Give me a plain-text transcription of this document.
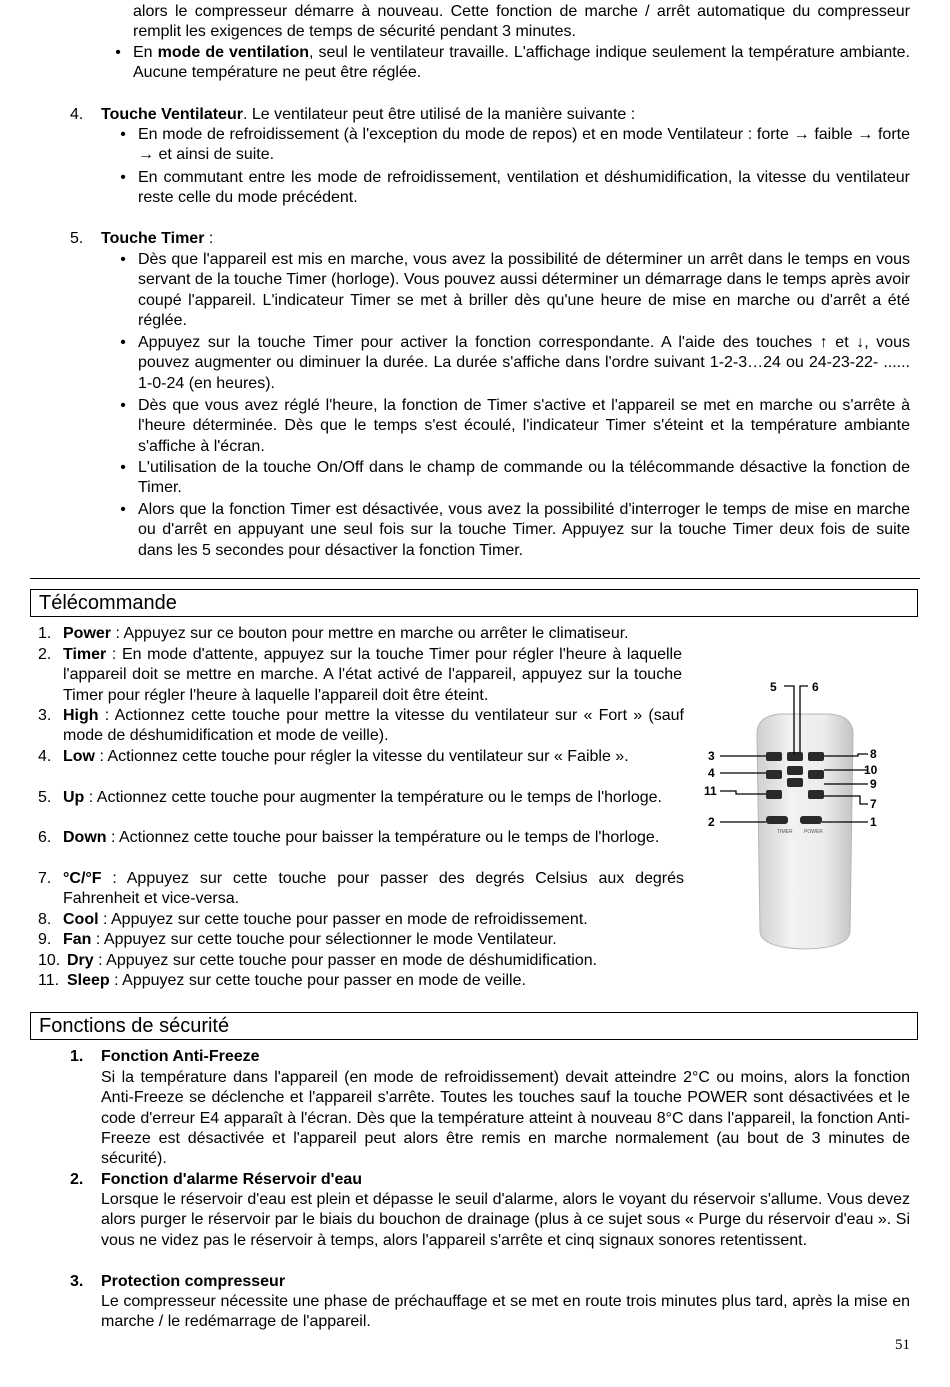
alors le compresseur démarre à nouveau. Cette fonction de marche / arrêt automatique du compresseur remplit les exigences de temps de sécurité pendant 3 minutes.
• En mode de ventilation, seul le ventilateur travaille. L'affichage indique seulement la température ambiante. Aucune température ne peut être réglée.
4. Touche Ventilateur. Le ventilateur peut être utilisé de la manière suivante :
• En mode de refroidissement (à l'exception du mode de repos) et en mode Ventilateur : forte → faible → forte → et ainsi de suite.
• En commutant entre les mode de refroidissement, ventilation et déshumidification, la vitesse du ventilateur reste celle du mode précédent.
5. Touche Timer :
• Dès que l'appareil est mis en marche, vous avez la possibilité de déterminer un arrêt dans le temps en vous servant de la touche Timer (horloge). Vous pouvez aussi déterminer un démarrage dans le temps après avoir coupé l'appareil. L'indicateur Timer se met à briller dès qu'une heure de mise en marche ou d'arrêt a été réglée.
• Appuyez sur la touche Timer pour activer la fonction correspondante. A l'aide des touches ↑ et ↓, vous pouvez augmenter ou diminuer la durée. La durée s'affiche dans l'ordre suivant 1-2-3…24 ou 24-23-22- ...... 1-0-24 (en heures).
• Dès que vous avez réglé l'heure, la fonction de Timer s'active et l'appareil se met en marche ou s'arrête à l'heure déterminée. Dès que le temps s'est écoulé, l'indicateur Timer s'éteint et la température ambiante s'affiche à l'écran.
• L'utilisation de la touche On/Off dans le champ de commande ou la télécommande désactive la fonction de Timer.
• Alors que la fonction Timer est désactivée, vous avez la possibilité d'interroger le temps de mise en marche ou d'arrêt en appuyant une seul fois sur la touche Timer. Appuyez sur la touche Timer deux fois de suite dans les 5 secondes pour désactiver la fonction Timer.
Télécommande
1. Power : Appuyez sur ce bouton pour mettre en marche ou arrêter le climatiseur.
2. Timer : En mode d'attente, appuyez sur la touche Timer pour régler l'heure à laquelle l'appareil doit se mettre en marche. A l'état activé de l'appareil, appuyez sur la touche Timer pour régler l'heure à laquelle l'appareil doit être éteint.
3. High : Actionnez cette touche pour mettre la vitesse du ventilateur sur « Fort » (sauf mode de déshumidification et mode de veille).
4. Low : Actionnez cette touche pour régler la vitesse du ventilateur sur « Faible ».
5. Up : Actionnez cette touche pour augmenter la température ou le temps de l'horloge.
6. Down : Actionnez cette touche pour baisser la température ou le temps de l'horloge.
7. °C/°F : Appuyez sur cette touche pour passer des degrés Celsius aux degrés Fahrenheit et vice-versa.
8. Cool : Appuyez sur cette touche pour passer en mode de refroidissement.
9. Fan : Appuyez sur cette touche pour sélectionner le mode Ventilateur.
10. Dry : Appuyez sur cette touche pour passer en mode de déshumidification.
11. Sleep : Appuyez sur cette touche pour passer en mode de veille.
TIMER POWER
5	6
3
4
11
2
8
10
9
7
1
Fonctions de sécurité
1. Fonction Anti-Freeze
Si la température dans l'appareil (en mode de refroidissement) devait atteindre 2°C ou moins, alors la fonction Anti-Freeze se déclenche et l'appareil s'arrête. Toutes les touches sauf la touche POWER sont désactivées et le code d'erreur E4 apparaît à l'écran. Dès que la température atteint à nouveau 8°C dans l'appareil, la fonction Anti-Freeze est désactivée et l'appareil peut alors être remis en marche normalement (au bout de 3 minutes de sécurité).
2. Fonction d'alarme Réservoir d'eau
Lorsque le réservoir d'eau est plein et dépasse le seuil d'alarme, alors le voyant du réservoir s'allume. Vous devez alors purger le réservoir par le biais du bouchon de drainage (plus à ce sujet sous « Purge du réservoir d'eau ». Si vous ne videz pas le réservoir à temps, alors l'appareil s'arrête et cinq signaux sonores retentissent.
3. Protection compresseur
Le compresseur nécessite une phase de préchauffage et se met en route trois minutes plus tard, après la mise en marche / le redémarrage de l'appareil.
51
